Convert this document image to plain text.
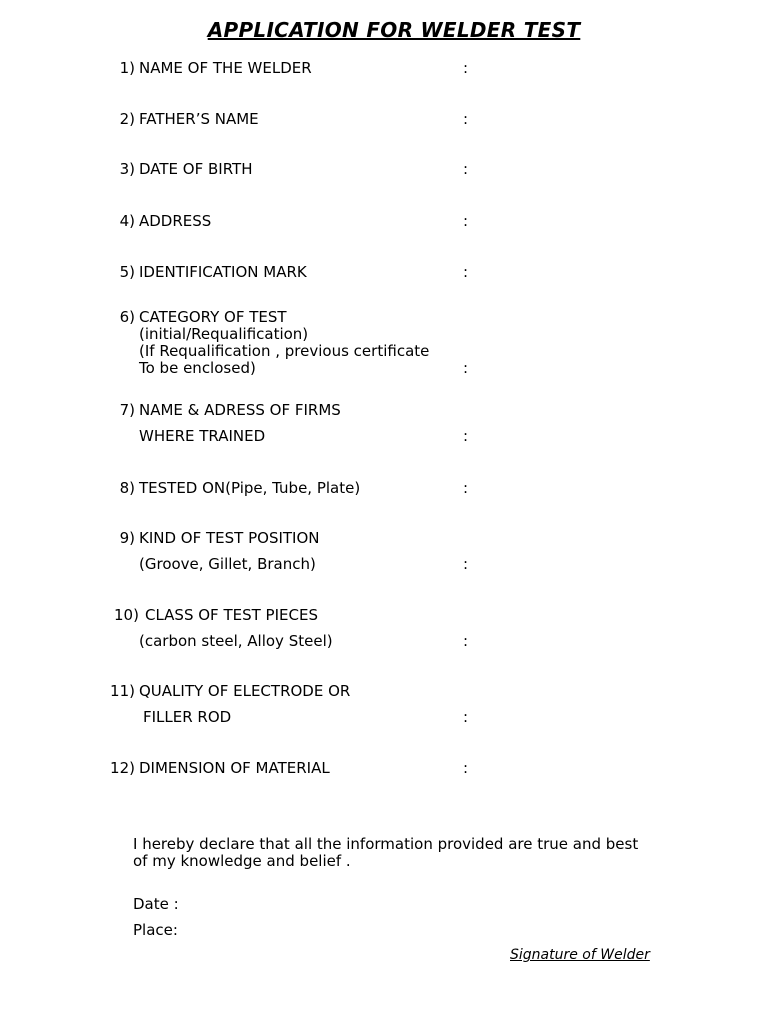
APPLICATION FOR WELDER TEST
1) NAME OF THE WELDER	:
2) FATHER’S NAME	:
3) DATE OF BIRTH	:
4) ADDRESS	:
5) IDENTIFICATION MARK	:
6) CATEGORY OF TEST
(initial/Requalification)
(If Requalification , previous certificate
To be enclosed)	:
7) NAME & ADRESS OF FIRMS
WHERE TRAINED	:
8) TESTED ON(Pipe, Tube, Plate)	:
9) KIND OF TEST POSITION
(Groove, Gillet, Branch)	:
10) CLASS OF TEST PIECES
(carbon steel, Alloy Steel)	:
11) QUALITY OF ELECTRODE OR
FILLER ROD	:
12) DIMENSION OF MATERIAL	:
I hereby declare that all the information provided are true and best
of my knowledge and belief .
Date :
Place:
Signature of Welder
